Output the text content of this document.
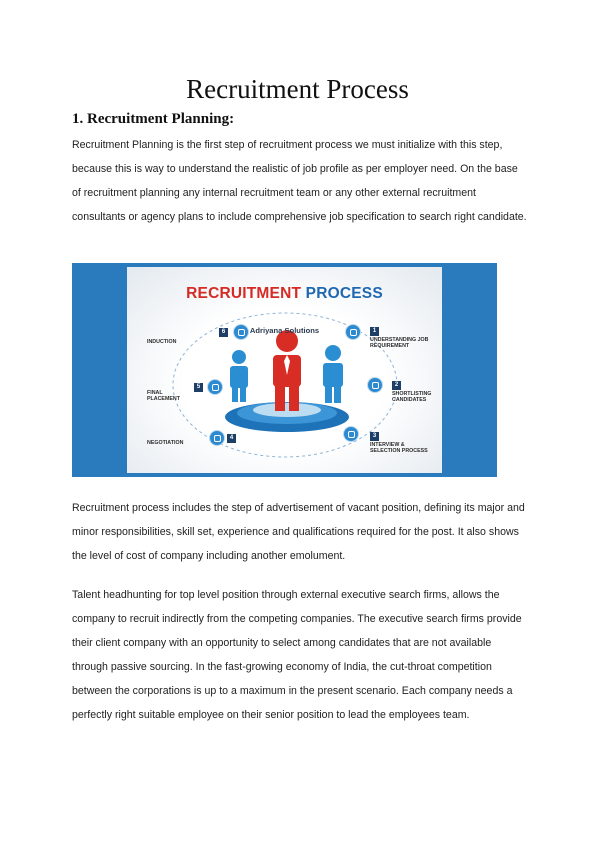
Recruitment Process
1. Recruitment Planning:

Recruitment Planning is the first step of recruitment process we must initialize with this step, because this is way to understand the realistic of job profile as per employer need. On the base of recruitment planning any internal recruitment team or any other external recruitment consultants or agency plans to include comprehensive job specification to search right candidate.

RECRUITMENT PROCESS
Adriyana Solutions
INDUCTION
6
FINAL PLACEMENT
5
NEGOTIATION
4
1
UNDERSTANDING JOB REQUIREMENT
2
SHORTLISTING CANDIDATES
3
INTERVIEW & SELECTION PROCESS

Recruitment process includes the step of advertisement of vacant position, defining its major and minor responsibilities, skill set, experience and qualifications required for the post. It also shows the level of cost of company including another emolument.

Talent headhunting for top level position through external executive search firms, allows the company to recruit indirectly from the competing companies. The executive search firms provide their client company with an opportunity to select among candidates that are not available through passive sourcing. In the fast-growing economy of India, the cut-throat competition between the corporations is up to a maximum in the present scenario. Each company needs a perfectly right suitable employee on their senior position to lead the employees team.
